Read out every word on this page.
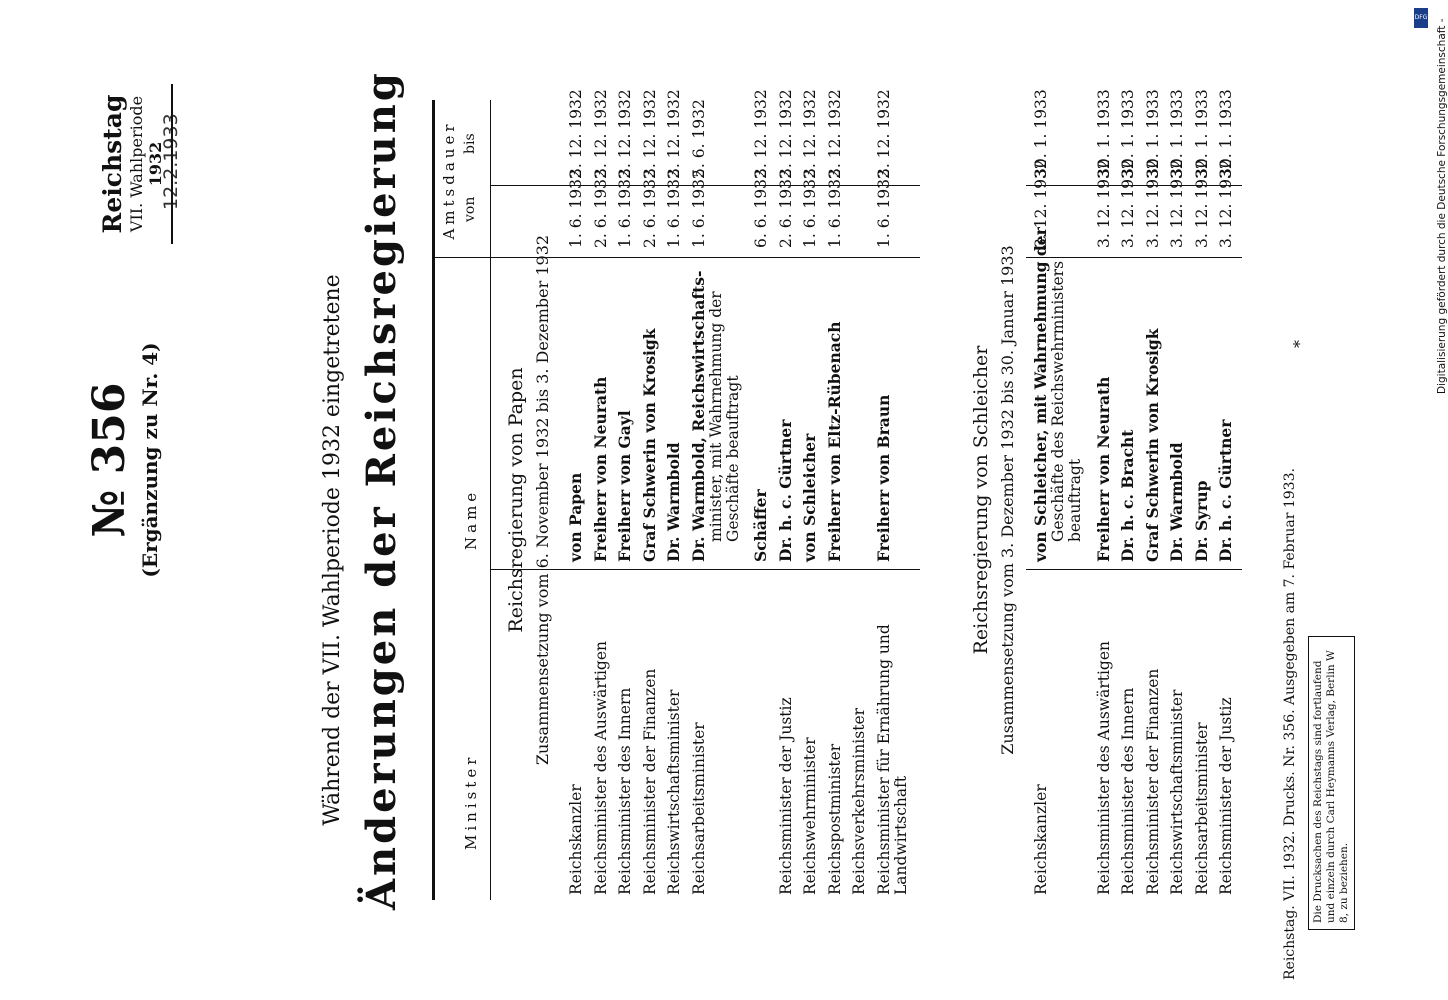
12.2.1933
№ 356 (Ergänzung zu Nr. 4)
Reichstag VII. Wahlperiode 1932
Während der VII. Wahlperiode 1932 eingetretene Änderungen der Reichsregierung	Minister
Name
Amtsdauer von
bis
Reichsregierung von Papen Zusammensetzung vom 6. November 1932 bis 3. Dezember 1932
Reichskanzler
von Papen
1. 6. 1932
3. 12. 1932
Reichsminister des Auswärtigen
Freiherr von Neurath
2. 6. 1932
3. 12. 1932
Reichsminister des Innern
Freiherr von Gayl
1. 6. 1932
3. 12. 1932
Reichsminister der Finanzen
Graf Schwerin von Krosigk
2. 6. 1932
3. 12. 1932
Reichswirtschaftsminister
Dr. Warmbold
1. 6. 1932
3. 12. 1932
Reichsarbeitsminister
Dr. Warmbold, Reichswirtschafts- minister, mit Wahrnehmung der Geschäfte beauftragt
1. 6. 1932
5. 6. 1932
Schäffer
6. 6. 1932
3. 12. 1932
Reichsminister der Justiz
Dr. h. c. Gürtner
2. 6. 1932
3. 12. 1932
Reichswehrminister
von Schleicher
1. 6. 1932
3. 12. 1932
Reichspostminister
Freiherr von Eltz-Rübenach
1. 6. 1932
3. 12. 1932
Reichsverkehrsminister Reichsminister für Ernährung und Landwirtschaft
Freiherr von Braun
1. 6. 1932
3. 12. 1932
Reichsregierung von Schleicher Zusammensetzung vom 3. Dezember 1932 bis 30. Januar 1933
Reichskanzler
von Schleicher, mit Wahrnehmung der Geschäfte des Reichswehrministers beauftragt
3. 12. 1932
30. 1. 1933
Reichsminister des Auswärtigen
Freiherr von Neurath
3. 12. 1932
30. 1. 1933
Reichsminister des Innern
Dr. h. c. Bracht
3. 12. 1932
30. 1. 1933
Reichsminister der Finanzen
Graf Schwerin von Krosigk
3. 12. 1932
30. 1. 1933
Reichswirtschaftsminister
Dr. Warmbold
3. 12. 1932
30. 1. 1933
Reichsarbeitsminister
Dr. Syrup
3. 12. 1932
30. 1. 1933
Reichsminister der Justiz
Dr. h. c. Gürtner
3. 12. 1932
30. 1. 1933
Reichstag. VII. 1932. Drucks. Nr. 356. Ausgegeben am 7. Februar 1933.	Die Drucksachen des Reichstags sind fortlaufend und einzeln durch Carl Heymanns Verlag, Berlin W 8, zu beziehen.
*
DFG
Digitalisierung gefördert durch die Deutsche Forschungsgemeinschaft -
